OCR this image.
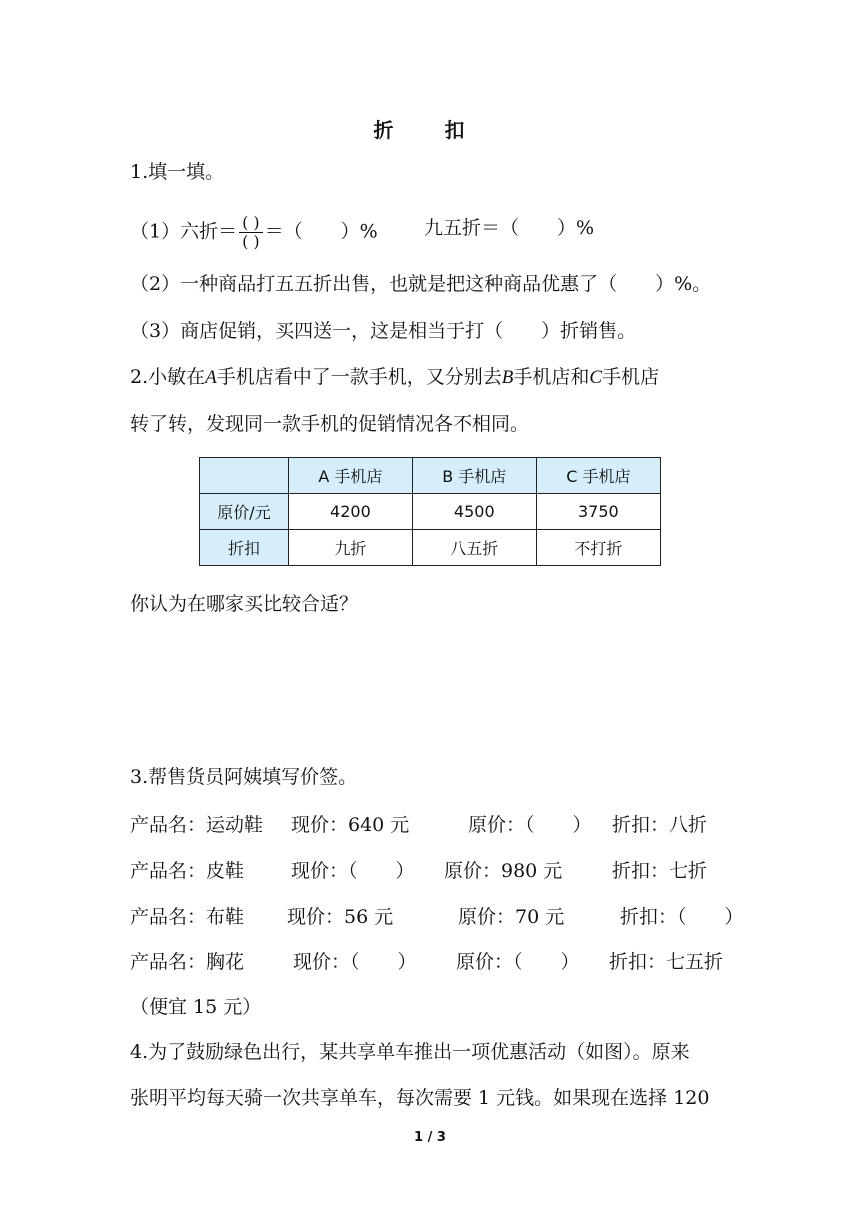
折 扣
1.填一填。
（1）六折＝ $\frac{( )}{( )}$ ＝（　　）% 九五折＝（　　）%
（2）一种商品打五五折出售，也就是把这种商品优惠了（　　）%。
（3）商店促销，买四送一，这是相当于打（　　）折销售。
2.小敏在A手机店看中了一款手机，又分别去B手机店和C手机店
转了转，发现同一款手机的促销情况各不相同。
	A 手机店	B 手机店	C 手机店
原价/元	4200	4500	3750
折扣	九折	八五折	不打折
你认为在哪家买比较合适？
3.帮售货员阿姨填写价签。
产品名：运动鞋 现价：640 元	原价：（　　） 折扣：八折
产品名：皮鞋 现价：（　　） 原价：980 元	折扣：七折
产品名：布鞋 现价：56 元	原价：70 元	折扣：（　　）
产品名：胸花	现价：（　　） 原价：（　　） 折扣：七五折
（便宜 15 元）
4.为了鼓励绿色出行，某共享单车推出一项优惠活动（如图）。原来
张明平均每天骑一次共享单车，每次需要 1 元钱。如果现在选择 120
1 / 3
